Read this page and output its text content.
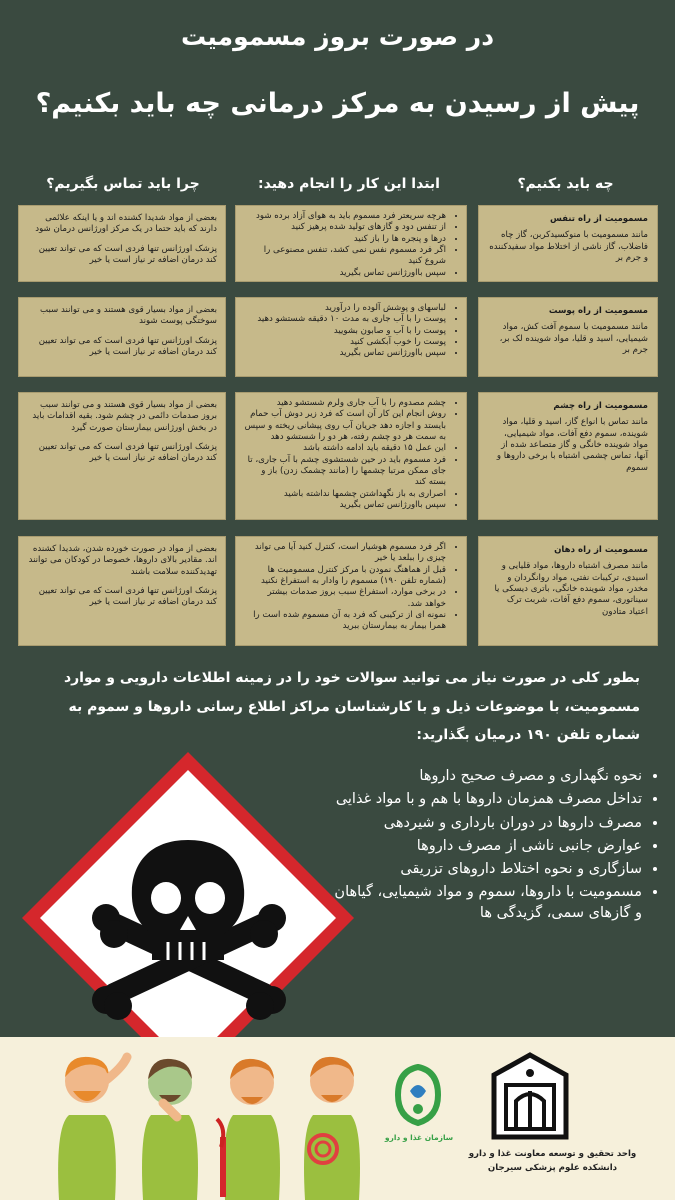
در صورت بروز مسمومیت
پیش از رسیدن به مرکز درمانی چه باید بکنیم؟
چه باید بکنیم؟
ابتدا این کار را انجام دهید:
چرا باید تماس بگیریم؟
مسمومیت از راه تنفس
مانند مسمومیت با منوکسیدکربن، گاز چاه فاضلاب، گاز ناشی از اختلاط مواد سفیدکننده و جرم بر
• هرچه سریعتر فرد مسموم باید به هوای آزاد برده شود
• از تنفس دود و گازهای تولید شده پرهیز کنید
• درها و پنجره ها را باز کنید
• اگر فرد مسموم نفس نمی کشد، تنفس مصنوعی را شروع کنید
• سپس بااورژانس تماس بگیرید

بعضی از مواد شدیدا کشنده اند و یا اینکه علائمی دارند که باید حتما در یک مرکز اورژانس درمان شود

پزشک اورژانس تنها فردی است که می تواند تعیین کند درمان اضافه تر نیاز است یا خیر

مسمومیت از راه پوست
مانند مسمومیت با سموم آفت کش، مواد شیمیایی، اسید و قلیا، مواد شوینده لک بر، جرم بر
• لباسهای و پوشش آلوده را درآورید
• پوست را با آب جاری به مدت ۱۰ دقیقه شستشو دهید
• پوست را با آب و صابون بشویید
• پوست را خوب آبکشی کنید
• سپس بااورژانس تماس بگیرید

بعضی از مواد بسیار قوی هستند و می توانند سبب سوختگی پوست شوند

پزشک اورژانس تنها فردی است که می تواند تعیین کند درمان اضافه تر نیاز است یا خیر

مسمومیت از راه چشم
مانند تماس با انواع گاز، اسید و قلیا، مواد شوینده، سموم دفع آفات، مواد شیمیایی، مواد شوینده خانگی و گاز متصاعد شده از آنها، تماس چشمی اشتباه با برخی داروها و سموم
• چشم مصدوم را با آب جاری ولرم شستشو دهید
• روش انجام این کار آن است که فرد زیر دوش آب حمام بایستد و اجازه دهد جریان آب روی پیشانی ریخته و سپس به سمت هر دو چشم رفته، هر دو را شستشو دهد
• این عمل ۱۵ دقیقه باید ادامه داشته باشد
• فرد مسموم باید در حین شستشوی چشم با آب جاری، تا جای ممکن مرتبا چشمها را (مانند چشمک زدن) باز و بسته کند
• اصراری به باز نگهداشتن چشمها نداشته باشید
• سپس بااورژانس تماس بگیرید

بعضی از مواد بسیار قوی هستند و می توانند سبب بروز صدمات دائمی در چشم شود. بقیه اقدامات باید در بخش اورژانس بیمارستان صورت گیرد

پزشک اورژانس تنها فردی است که می تواند تعیین کند درمان اضافه تر نیاز است یا خیر

مسمومیت از راه دهان
مانند مصرف اشتباه داروها، مواد قلیایی و اسیدی، ترکیبات نفتی، مواد روانگردان و مخدر، مواد شوینده خانگی، باتری دیسکی یا سیناتوری، سموم دفع آفات، شربت ترک اعتیاد متادون
• اگر فرد مسموم هوشیار است، کنترل کنید آیا می تواند چیزی را ببلعد یا خیر
• قبل از هماهنگ نمودن با مرکز کنترل مسمومیت ها (شماره تلفن ۱۹۰) مسموم را وادار به استفراغ نکنید
• در برخی موارد، استفراغ سبب بروز صدمات بیشتر خواهد شد.
• نمونه ای از ترکیبی که فرد به آن مسموم شده است را همرا بیمار به بیمارستان ببرید

بعضی از مواد در صورت خورده شدن، شدیدا کشنده اند. مقادیر بالای داروها، خصوصا در کودکان می توانند تهدیدکننده سلامت باشند

پزشک اورژانس تنها فردی است که می تواند تعیین کند درمان اضافه تر نیاز است یا خیر

بطور کلی در صورت نیاز می توانید سوالات خود را در زمینه اطلاعات دارویی و موارد مسمومیت، با موضوعات ذیل و با کارشناسان مراکز اطلاع رسانی داروها و سموم به شماره تلفن ۱۹۰ درمیان بگذارید:
• نحوه نگهداری و مصرف صحیح داروها
• تداخل مصرف همزمان داروها با هم و با مواد غذایی
• مصرف داروها در دوران بارداری و شیردهی
• عوارض جانبی ناشی از مصرف داروها
• سازگاری و نحوه اختلاط داروهای تزریقی
• مسمومیت با داروها، سموم و مواد شیمیایی، گیاهان و گازهای سمی، گزیدگی ها
سازمان غذا و دارو
واحد تحقیق و توسعه معاونت غذا و دارو
دانشکده علوم پزشکی سیرجان
